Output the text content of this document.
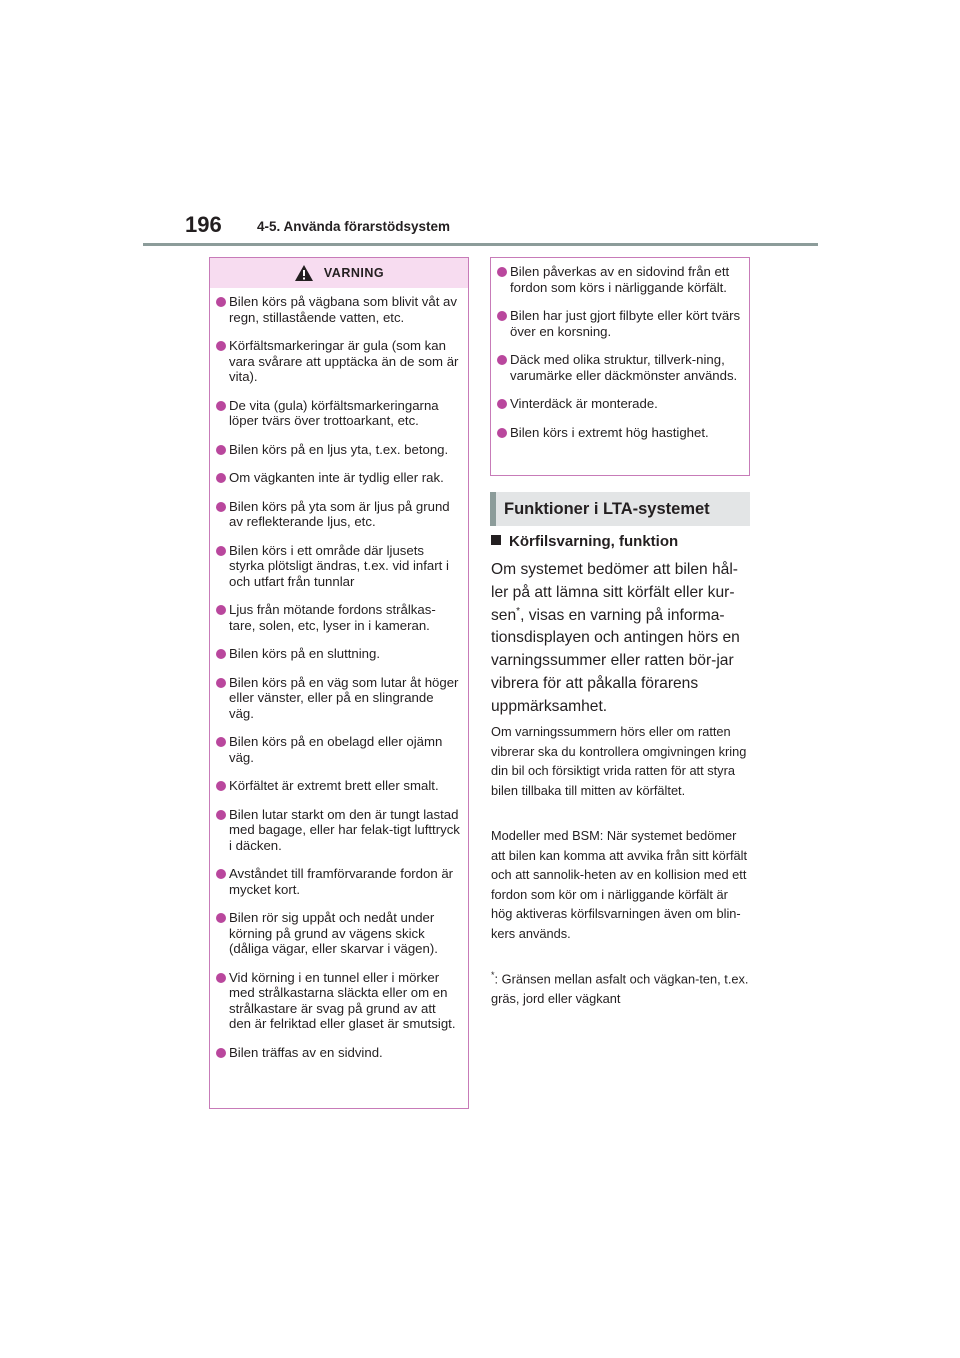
196	4-5. Använda förarstödsystem
VARNING
Bilen körs på vägbana som blivit våt av regn, stillastående vatten, etc.
Körfältsmarkeringar är gula (som kan vara svårare att upptäcka än de som är vita).
De vita (gula) körfältsmarkeringarna löper tvärs över trottoarkant, etc.
Bilen körs på en ljus yta, t.ex. betong.
Om vägkanten inte är tydlig eller rak.
Bilen körs på yta som är ljus på grund av reflekterande ljus, etc.
Bilen körs i ett område där ljusets styrka plötsligt ändras, t.ex. vid infart i och utfart från tunnlar
Ljus från mötande fordons strålkas-tare, solen, etc, lyser in i kameran.
Bilen körs på en sluttning.
Bilen körs på en väg som lutar åt höger eller vänster, eller på en slingrande väg.
Bilen körs på en obelagd eller ojämn väg.
Körfältet är extremt brett eller smalt.
Bilen lutar starkt om den är tungt lastad med bagage, eller har felak-tigt lufttryck i däcken.
Avståndet till framförvarande fordon är mycket kort.
Bilen rör sig uppåt och nedåt under körning på grund av vägens skick (dåliga vägar, eller skarvar i vägen).
Vid körning i en tunnel eller i mörker med strålkastarna släckta eller om en strålkastare är svag på grund av att den är felriktad eller glaset är smutsigt.
Bilen träffas av en sidvind.
Bilen påverkas av en sidovind från ett fordon som körs i närliggande körfält.
Bilen har just gjort filbyte eller kört tvärs över en korsning.
Däck med olika struktur, tillverk-ning, varumärke eller däckmönster används.
Vinterdäck är monterade.
Bilen körs i extremt hög hastighet.
Funktioner i LTA-systemet
Körfilsvarning, funktion
Om systemet bedömer att bilen hål-ler på att lämna sitt körfält eller kur-sen*, visas en varning på informa-tionsdisplayen och antingen hörs en varningssummer eller ratten bör-jar vibrera för att påkalla förarens uppmärksamhet.
Om varningssummern hörs eller om ratten vibrerar ska du kontrollera omgivningen kring din bil och försiktigt vrida ratten för att styra bilen tillbaka till mitten av körfältet.
Modeller med BSM: När systemet bedömer att bilen kan komma att avvika från sitt körfält och att sannolik-heten av en kollision med ett fordon som kör om i närliggande körfält är hög aktiveras körfilsvarningen även om blin-kers används.
*: Gränsen mellan asfalt och vägkan-ten, t.ex. gräs, jord eller vägkant
